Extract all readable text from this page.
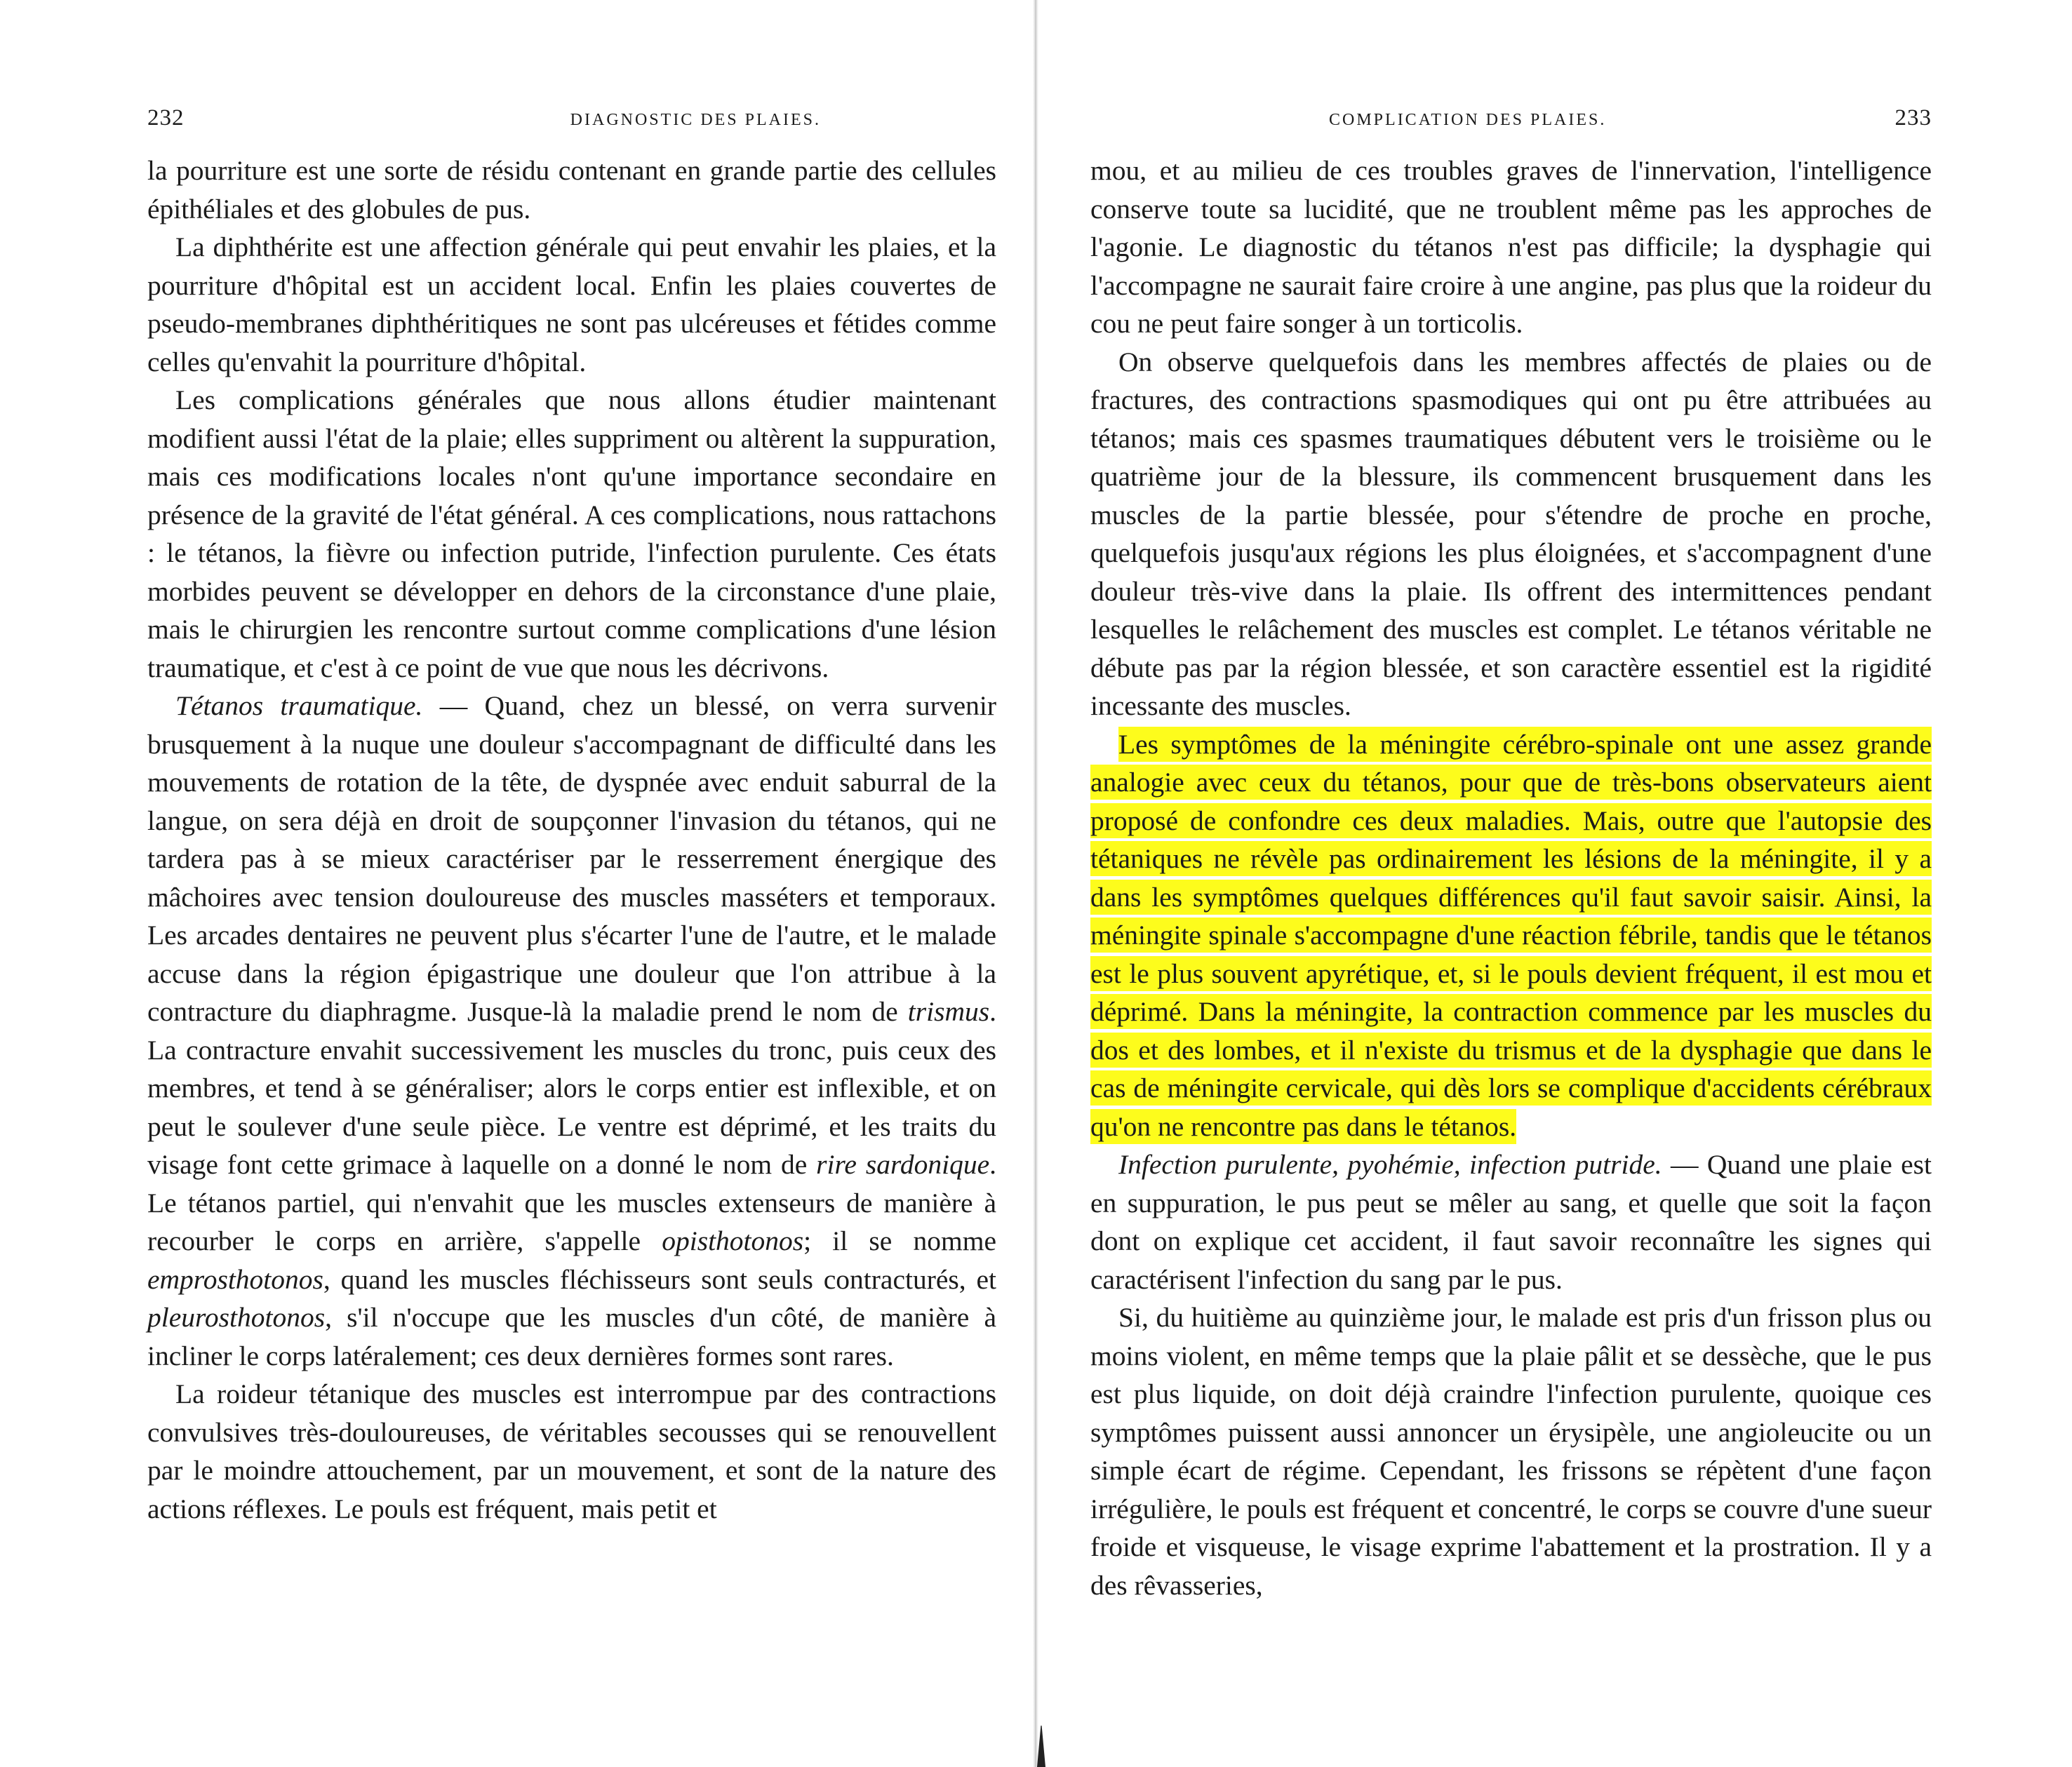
232	DIAGNOSTIC DES PLAIES.

la pourriture est une sorte de résidu contenant en grande partie des cellules épithéliales et des globules de pus.

La diphthérite est une affection générale qui peut envahir les plaies, et la pourriture d'hôpital est un accident local. Enfin les plaies couvertes de pseudo-membranes diphthéritiques ne sont pas ulcéreuses et fétides comme celles qu'envahit la pourriture d'hôpital.

Les complications générales que nous allons étudier maintenant modifient aussi l'état de la plaie; elles suppriment ou altèrent la suppuration, mais ces modifications locales n'ont qu'une importance secondaire en présence de la gravité de l'état général. A ces complications, nous rattachons : le tétanos, la fièvre ou infection putride, l'infection purulente. Ces états morbides peuvent se développer en dehors de la circonstance d'une plaie, mais le chirurgien les rencontre surtout comme complications d'une lésion traumatique, et c'est à ce point de vue que nous les décrivons.

Tétanos traumatique. — Quand, chez un blessé, on verra survenir brusquement à la nuque une douleur s'accompagnant de difficulté dans les mouvements de rotation de la tête, de dyspnée avec enduit saburral de la langue, on sera déjà en droit de soupçonner l'invasion du tétanos, qui ne tardera pas à se mieux caractériser par le resserrement énergique des mâchoires avec tension douloureuse des muscles masséters et temporaux. Les arcades dentaires ne peuvent plus s'écarter l'une de l'autre, et le malade accuse dans la région épigastrique une douleur que l'on attribue à la contracture du diaphragme. Jusque-là la maladie prend le nom de trismus. La contracture envahit successivement les muscles du tronc, puis ceux des membres, et tend à se généraliser; alors le corps entier est inflexible, et on peut le soulever d'une seule pièce. Le ventre est déprimé, et les traits du visage font cette grimace à laquelle on a donné le nom de rire sardonique. Le tétanos partiel, qui n'envahit que les muscles extenseurs de manière à recourber le corps en arrière, s'appelle opisthotonos; il se nomme emprosthotonos, quand les muscles fléchisseurs sont seuls contracturés, et pleurosthotonos, s'il n'occupe que les muscles d'un côté, de manière à incliner le corps latéralement; ces deux dernières formes sont rares.

La roideur tétanique des muscles est interrompue par des contractions convulsives très-douloureuses, de véritables secousses qui se renouvellent par le moindre attouchement, par un mouvement, et sont de la nature des actions réflexes. Le pouls est fréquent, mais petit et

COMPLICATION DES PLAIES.	233

mou, et au milieu de ces troubles graves de l'innervation, l'intelligence conserve toute sa lucidité, que ne troublent même pas les approches de l'agonie. Le diagnostic du tétanos n'est pas difficile; la dysphagie qui l'accompagne ne saurait faire croire à une angine, pas plus que la roideur du cou ne peut faire songer à un torticolis.

On observe quelquefois dans les membres affectés de plaies ou de fractures, des contractions spasmodiques qui ont pu être attribuées au tétanos; mais ces spasmes traumatiques débutent vers le troisième ou le quatrième jour de la blessure, ils commencent brusquement dans les muscles de la partie blessée, pour s'étendre de proche en proche, quelquefois jusqu'aux régions les plus éloignées, et s'accompagnent d'une douleur très-vive dans la plaie. Ils offrent des intermittences pendant lesquelles le relâchement des muscles est complet. Le tétanos véritable ne débute pas par la région blessée, et son caractère essentiel est la rigidité incessante des muscles.

Les symptômes de la méningite cérébro-spinale ont une assez grande analogie avec ceux du tétanos, pour que de très-bons observateurs aient proposé de confondre ces deux maladies. Mais, outre que l'autopsie des tétaniques ne révèle pas ordinairement les lésions de la méningite, il y a dans les symptômes quelques différences qu'il faut savoir saisir. Ainsi, la méningite spinale s'accompagne d'une réaction fébrile, tandis que le tétanos est le plus souvent apyrétique, et, si le pouls devient fréquent, il est mou et déprimé. Dans la méningite, la contraction commence par les muscles du dos et des lombes, et il n'existe du trismus et de la dysphagie que dans le cas de méningite cervicale, qui dès lors se complique d'accidents cérébraux qu'on ne rencontre pas dans le tétanos.

Infection purulente, pyohémie, infection putride. — Quand une plaie est en suppuration, le pus peut se mêler au sang, et quelle que soit la façon dont on explique cet accident, il faut savoir reconnaître les signes qui caractérisent l'infection du sang par le pus.

Si, du huitième au quinzième jour, le malade est pris d'un frisson plus ou moins violent, en même temps que la plaie pâlit et se dessèche, que le pus est plus liquide, on doit déjà craindre l'infection purulente, quoique ces symptômes puissent aussi annoncer un érysipèle, une angioleucite ou un simple écart de régime. Cependant, les frissons se répètent d'une façon irrégulière, le pouls est fréquent et concentré, le corps se couvre d'une sueur froide et visqueuse, le visage exprime l'abattement et la prostration. Il y a des rêvasseries,
